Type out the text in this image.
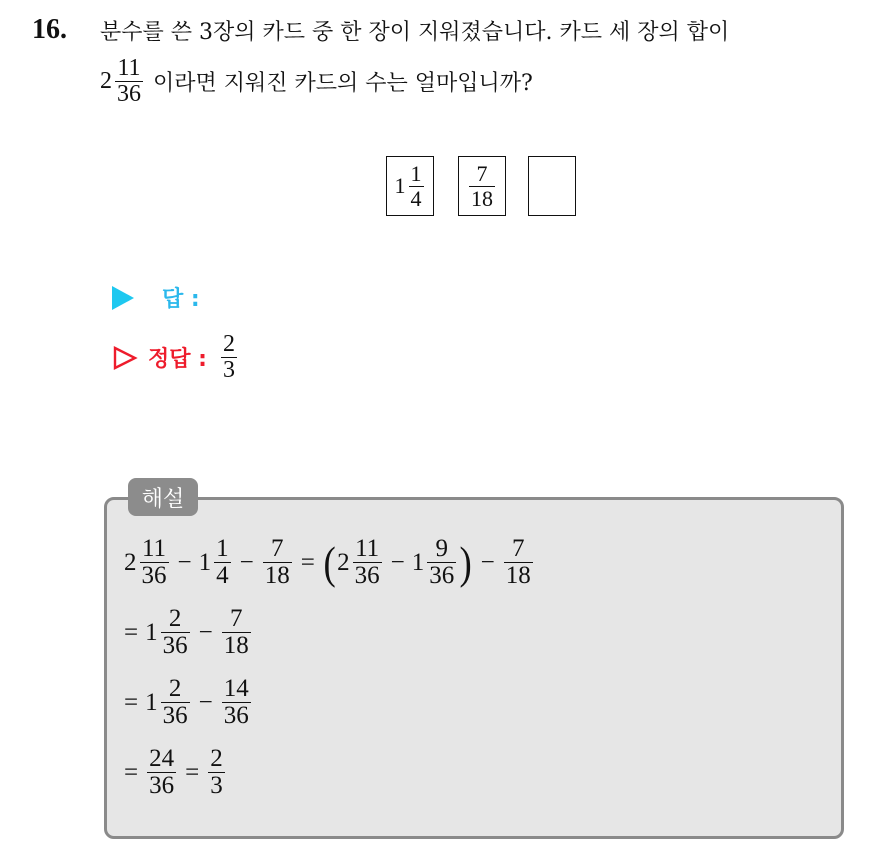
16. 분수를 쓴 3장의 카드 중 한 장이 지워졌습니다. 카드 세 장의 합이
$2 \frac{11}{36}$ 이라면 지워진 카드의 수는 얼마입니까?
$1 \frac{1}{4} \frac{7}{18}$
답 :
정답 : $\frac{2}{3}$
해설
$2 \frac{11}{36} - 1 \frac{1}{4} - \frac{7}{18}$ = ( $2 \frac{11}{36} - 1 \frac{9}{36}$ ) − $\frac{7}{18}$
= $1 \frac{2}{36} - \frac{7}{18}$
= $1 \frac{2}{36} - \frac{14}{36}$
= $\frac{24}{36} = \frac{2}{3}$
